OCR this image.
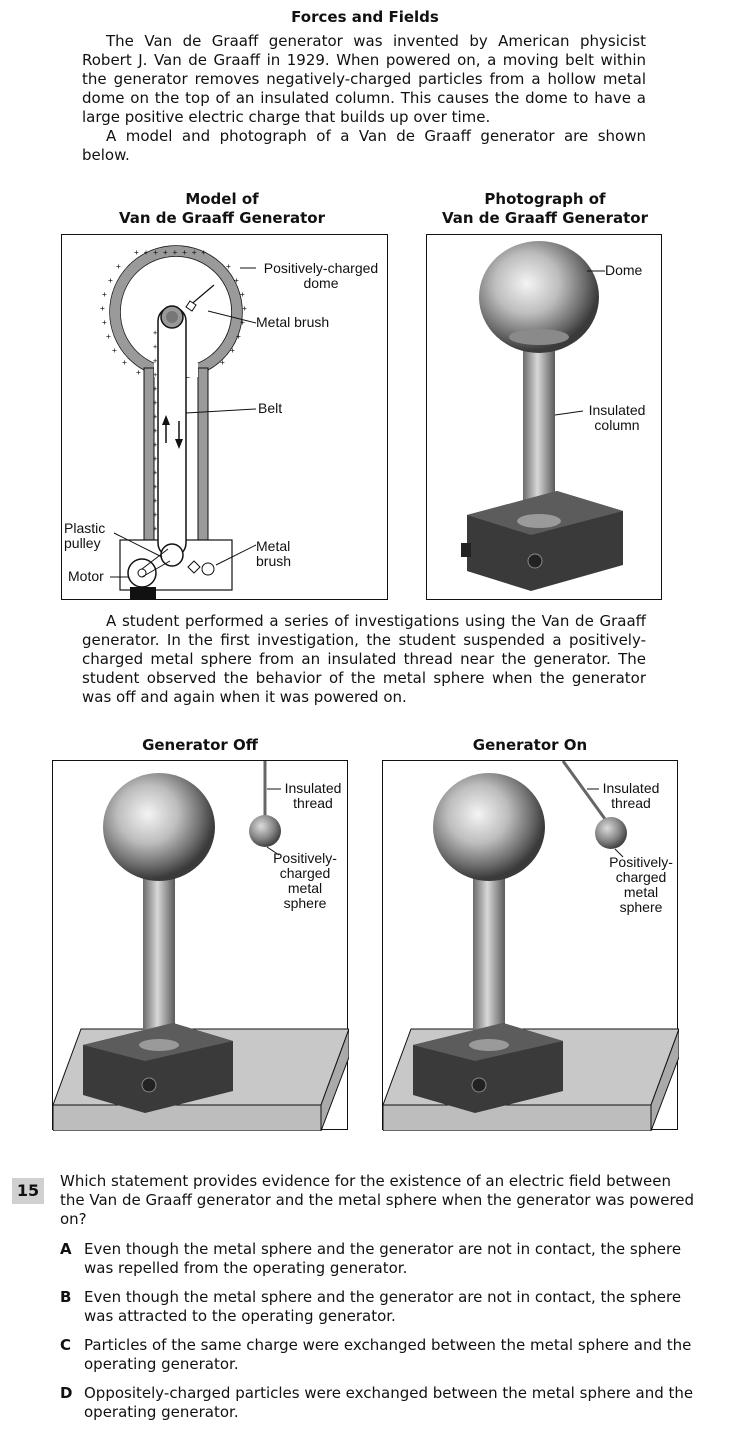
Forces and Fields

The Van de Graaff generator was invented by American physicist Robert J. Van de Graaff in 1929. When powered on, a moving belt within the generator removes negatively-charged particles from a hollow metal dome on the top of an insulated column. This causes the dome to have a large positive electric charge that builds up over time.

A model and photograph of a Van de Graaff generator are shown below.

Model of
Van de Graaff Generator
Photograph of
Van de Graaff Generator
+ + + + + + + +
+	+
+	+
+	+
+	+
+	+
+	+
+	+
+	+
+
+
+
+
+
+
+
+
+
+
+
+
+
+
+
+
Positively-charged dome
Metal brush
Belt
Plastic pulley
Motor
Metal brush
Dome
Insulated column

A student performed a series of investigations using the Van de Graaff generator. In the first investigation, the student suspended a positively-charged metal sphere from an insulated thread near the generator. The student observed the behavior of the metal sphere when the generator was off and again when it was powered on.

Generator Off	Generator On
Insulated thread
Positively-charged metal sphere
Insulated thread
Positively-charged metal sphere
15	Which statement provides evidence for the existence of an electric field between the Van de Graaff generator and the metal sphere when the generator was powered on?
A Even though the metal sphere and the generator are not in contact, the sphere was repelled from the operating generator.
B Even though the metal sphere and the generator are not in contact, the sphere was attracted to the operating generator.
C Particles of the same charge were exchanged between the metal sphere and the operating generator.
D Oppositely-charged particles were exchanged between the metal sphere and the operating generator.
